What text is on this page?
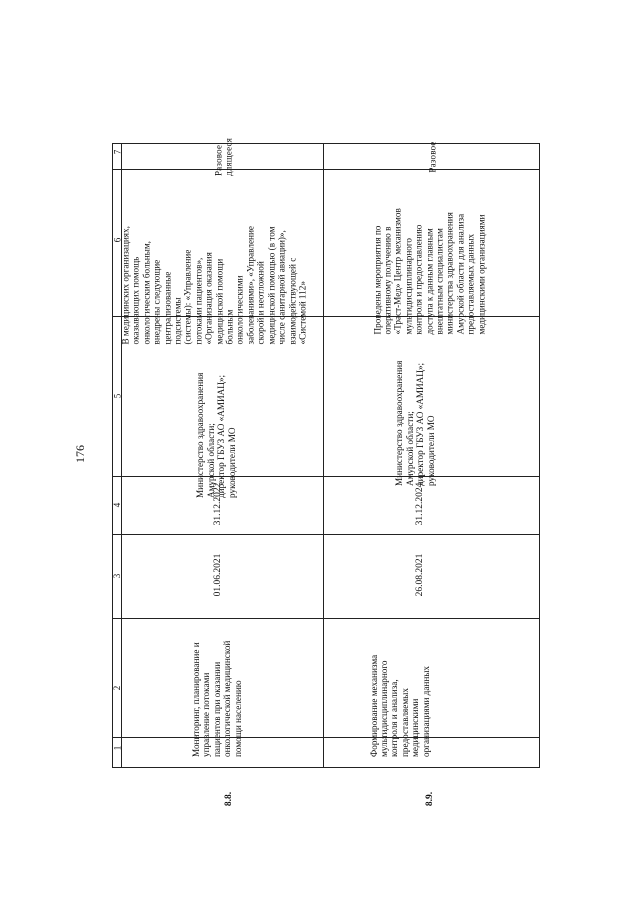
176
7
6
5
4
3
2
Разовое длящееся
В медицинских организациях,
оказывающих помощь
онкологическим больным,
внедрены следующие
централизованные подсистемы
(системы): «Управление
потоками пациентов»,
«Организация оказания
медицинской помощи больным
онкологическими
заболеваниями», «Управление
скорой и неотложной
медицинской помощью (в том
числе санитарной авиации)»,
взаимодействующей с
«Системой 112»
Министерство здравоохранения
Амурской области;
директор ГБУЗ АО «АМИАЦ»;
руководители МО
31.12.2022
01.06.2021
Мониторинг, планирование и
управление потоками
пациентов при оказании
онкологической медицинской
помощи населению
Разовое
Проведены мероприятия по
оперативному получению в
«Траст-Мед» Центр механизмов
мультидисциплинарного
контроля и предоставлению
доступа к данным главным
внештатным специалистам
министерства здравоохранения
Амурской области для анализа
предоставляемых данных
медицинскими организациями
Министерство здравоохранения
Амурской области;
директор ГБУЗ АО «АМИАЦ»;
руководители МО
31.12.2024
26.08.2021
Формирование механизма
мультидисциплинарного
контроля и анализа,
предоставляемых
медицинскими
организациями данных
8.8.	8.9.
1
